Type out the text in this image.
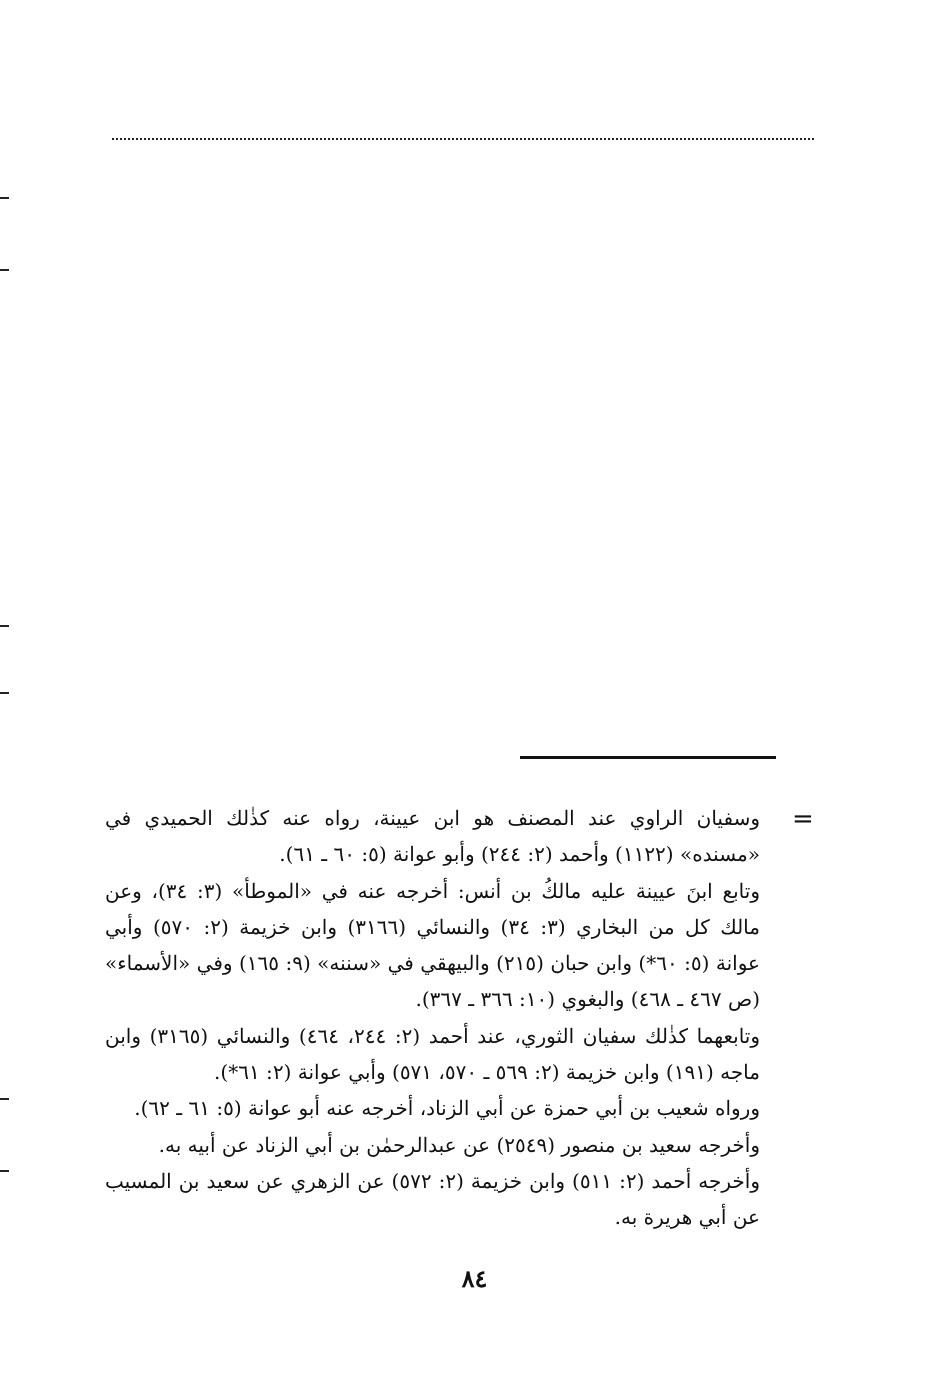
=

وسفيان الراوي عند المصنف هو ابن عيينة، رواه عنه كذٰلك الحميدي في «مسنده» (١١٢٢) وأحمد (٢: ٢٤٤) وأبو عوانة (٥: ٦٠ ـ ٦١).

وتابع ابنَ عيينة عليه مالكُ بن أنس: أخرجه عنه في «الموطأ» (٣: ٣٤)، وعن مالك كل من البخاري (٣: ٣٤) والنسائي (٣١٦٦) وابن خزيمة (٢: ٥٧٠) وأبي عوانة (٥: ٦٠*) وابن حبان (٢١٥) والبيهقي في «سننه» (٩: ١٦٥) وفي «الأسماء» (ص ٤٦٧ ـ ٤٦٨) والبغوي (١٠: ٣٦٦ ـ ٣٦٧).

وتابعهما كذٰلك سفيان الثوري، عند أحمد (٢: ٢٤٤، ٤٦٤) والنسائي (٣١٦٥) وابن ماجه (١٩١) وابن خزيمة (٢: ٥٦٩ ـ ٥٧٠، ٥٧١) وأبي عوانة (٢: ٦١*).

ورواه شعيب بن أبي حمزة عن أبي الزناد، أخرجه عنه أبو عوانة (٥: ٦١ ـ ٦٢).

وأخرجه سعيد بن منصور (٢٥٤٩) عن عبدالرحمٰن بن أبي الزناد عن أبيه به.

وأخرجه أحمد (٢: ٥١١) وابن خزيمة (٢: ٥٧٢) عن الزهري عن سعيد بن المسيب عن أبي هريرة به.

٨٤
